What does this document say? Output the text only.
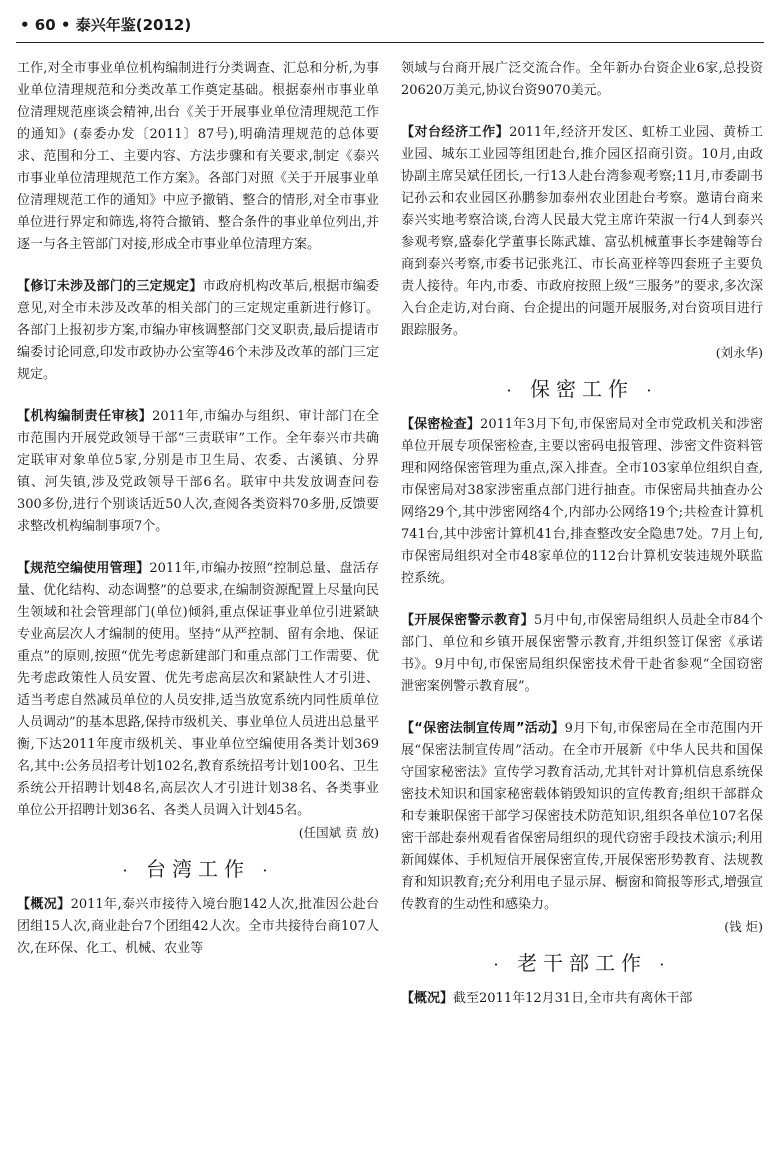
• 60 • 泰兴年鉴(2012)

工作,对全市事业单位机构编制进行分类调查、汇总和分析,为事业单位清理规范和分类改革工作奠定基础。根据泰州市事业单位清理规范座谈会精神,出台《关于开展事业单位清理规范工作的通知》(泰委办发〔2011〕87号),明确清理规范的总体要求、范围和分工、主要内容、方法步骤和有关要求,制定《泰兴市事业单位清理规范工作方案》。各部门对照《关于开展事业单位清理规范工作的通知》中应予撤销、整合的情形,对全市事业单位进行界定和筛选,将符合撤销、整合条件的事业单位列出,并逐一与各主管部门对接,形成全市事业单位清理方案。

【修订未涉及部门的三定规定】市政府机构改革后,根据市编委意见,对全市未涉及改革的相关部门的三定规定重新进行修订。各部门上报初步方案,市编办审核调整部门交叉职责,最后提请市编委讨论同意,印发市政协办公室等46个未涉及改革的部门三定规定。

【机构编制责任审核】2011年,市编办与组织、审计部门在全市范围内开展党政领导干部“三责联审”工作。全年泰兴市共确定联审对象单位5家,分别是市卫生局、农委、古溪镇、分界镇、河失镇,涉及党政领导干部6名。联审中共发放调查问卷300多份,进行个别谈话近50人次,查阅各类资料70多册,反馈要求整改机构编制事项7个。

【规范空编使用管理】2011年,市编办按照“控制总量、盘活存量、优化结构、动态调整”的总要求,在编制资源配置上尽量向民生领域和社会管理部门(单位)倾斜,重点保证事业单位引进紧缺专业高层次人才编制的使用。坚持“从严控制、留有余地、保证重点”的原则,按照“优先考虑新建部门和重点部门工作需要、优先考虑政策性人员安置、优先考虑高层次和紧缺性人才引进、适当考虑自然减员单位的人员安排,适当放宽系统内同性质单位人员调动”的基本思路,保持市级机关、事业单位人员进出总量平衡,下达2011年度市级机关、事业单位空编使用各类计划369名,其中:公务员招考计划102名,教育系统招考计划100名、卫生系统公开招聘计划48名,高层次人才引进计划38名、各类事业单位公开招聘计划36名、各类人员调入计划45名。
(任国斌 贲 放)

· 台湾工作 ·

【概况】2011年,泰兴市接待入境台胞142人次,批准因公赴台团组15人次,商业赴台7个团组42人次。全市共接待台商107人次,在环保、化工、机械、农业等

领域与台商开展广泛交流合作。全年新办台资企业6家,总投资20620万美元,协议台资9070美元。

【对台经济工作】2011年,经济开发区、虹桥工业园、黄桥工业园、城东工业园等组团赴台,推介园区招商引资。10月,由政协副主席吴斌任团长,一行13人赴台湾参观考察;11月,市委副书记孙云和农业园区孙鹏参加泰州农业团赴台考察。邀请台商来泰兴实地考察洽谈,台湾人民最大党主席许荣淑一行4人到泰兴参观考察,盛泰化学董事长陈武雄、富弘机械董事长李建翰等台商到泰兴考察,市委书记张兆江、市长高亚梓等四套班子主要负责人接待。年内,市委、市政府按照上级“三服务”的要求,多次深入台企走访,对台商、台企提出的问题开展服务,对台资项目进行跟踪服务。
(刘永华)

· 保密工作 ·

【保密检查】2011年3月下旬,市保密局对全市党政机关和涉密单位开展专项保密检查,主要以密码电报管理、涉密文件资料管理和网络保密管理为重点,深入排查。全市103家单位组织自查,市保密局对38家涉密重点部门进行抽查。市保密局共抽查办公网络29个,其中涉密网络4个,内部办公网络19个;共检查计算机741台,其中涉密计算机41台,排查整改安全隐患7处。7月上旬,市保密局组织对全市48家单位的112台计算机安装违规外联监控系统。

【开展保密警示教育】5月中旬,市保密局组织人员赴全市84个部门、单位和乡镇开展保密警示教育,并组织签订保密《承诺书》。9月中旬,市保密局组织保密技术骨干赴省参观“全国窃密泄密案例警示教育展”。

【“保密法制宣传周”活动】9月下旬,市保密局在全市范围内开展“保密法制宣传周”活动。在全市开展新《中华人民共和国保守国家秘密法》宣传学习教育活动,尤其针对计算机信息系统保密技术知识和国家秘密载体销毁知识的宣传教育;组织干部群众和专兼职保密干部学习保密技术防范知识,组织各单位107名保密干部赴泰州观看省保密局组织的现代窃密手段技术演示;利用新闻媒体、手机短信开展保密宣传,开展保密形势教育、法规教育和知识教育;充分利用电子显示屏、橱窗和简报等形式,增强宣传教育的生动性和感染力。
(钱 炬)

· 老干部工作 ·

【概况】截至2011年12月31日,全市共有离休干部
